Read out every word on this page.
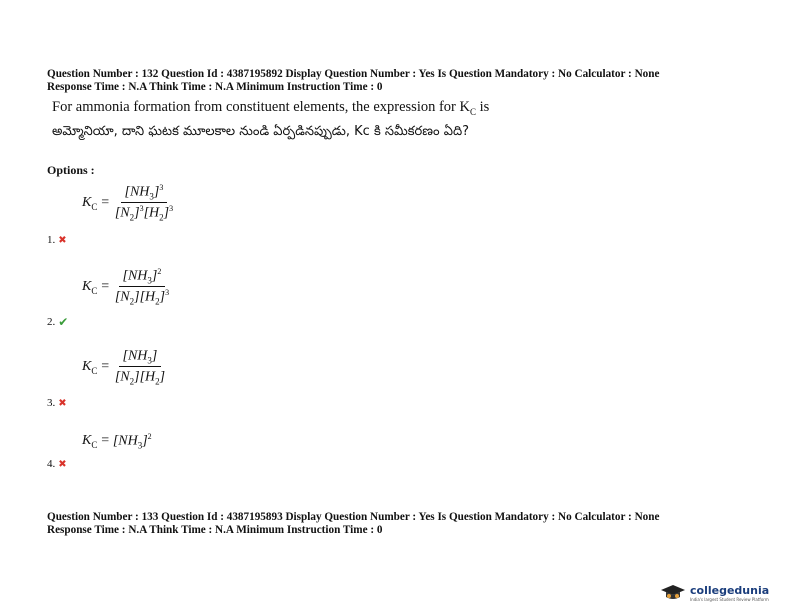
Question Number : 132 Question Id : 4387195892 Display Question Number : Yes Is Question Mandatory : No Calculator : None
Response Time : N.A Think Time : N.A Minimum Instruction Time : 0
For ammonia formation from constituent elements, the expression for $K_C$ is
అమ్మోనియా, దాని ఘటక మూలకాల నుండి ఏర్పడినప్పుడు, Kc కి సమీకరణం ఏది?
Options :
$K_C = \frac{[NH_3]^3}{[N_2]^3[H_2]^3}$
1. ✖
$K_C = \frac{[NH_3]^2}{[N_2][H_2]^3}$
2. ✔
$K_C = \frac{[NH_3]}{[N_2][H_2]}$
3. ✖
$K_C = [NH_3]^2$
4. ✖
Question Number : 133 Question Id : 4387195893 Display Question Number : Yes Is Question Mandatory : No Calculator : None
Response Time : N.A Think Time : N.A Minimum Instruction Time : 0
collegedunia
India's largest Student Review Platform
